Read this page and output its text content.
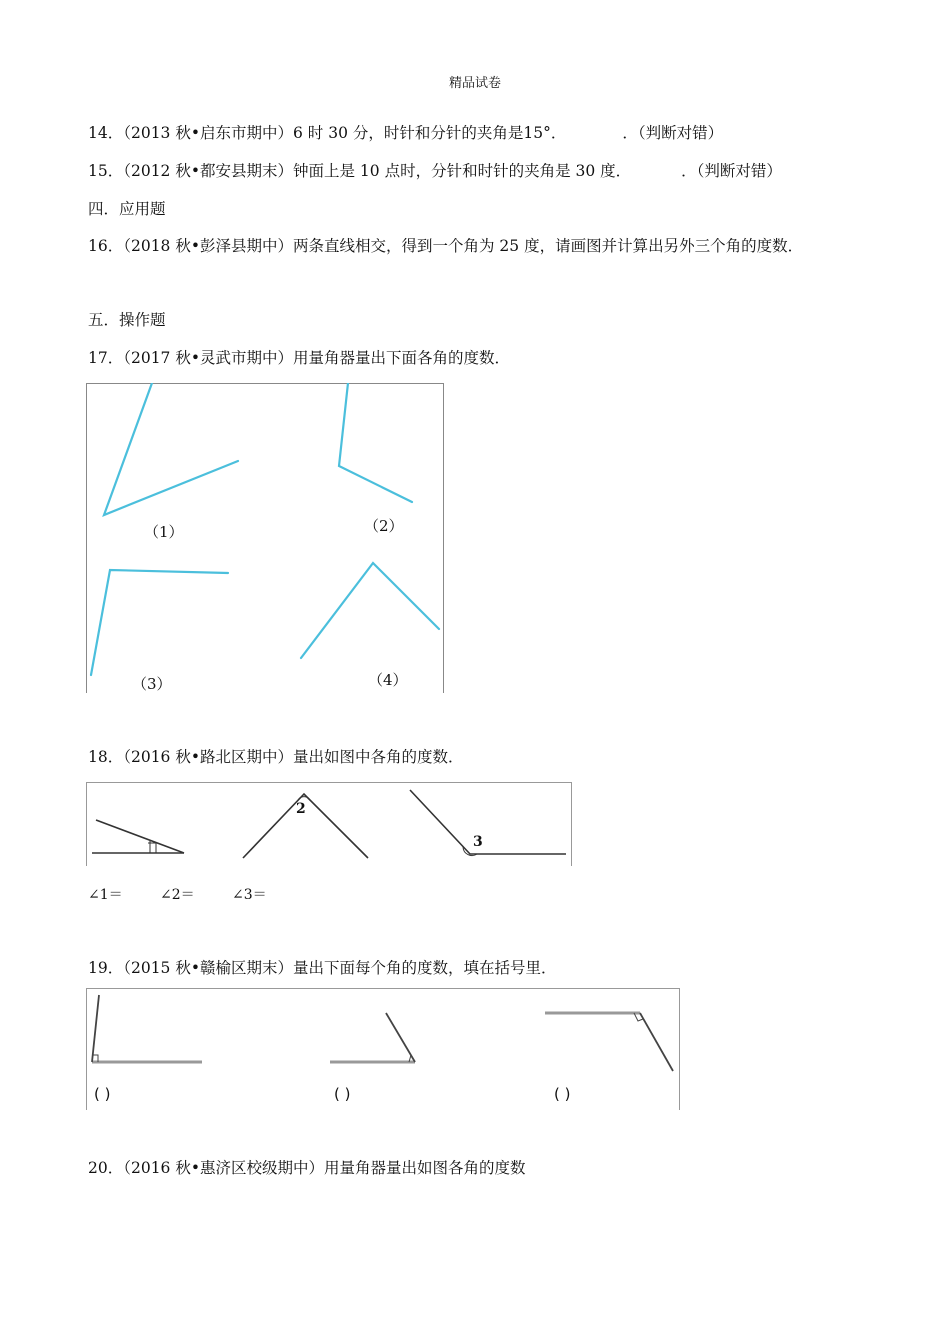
精品试卷
14．（2013 秋•启东市期中）6 时 30 分，时针和分针的夹角是15°．	．（判断对错）
15．（2012 秋•都安县期末）钟面上是 10 点时，分针和时针的夹角是 30 度．	．（判断对错）
四．应用题
16．（2018 秋•彭泽县期中）两条直线相交，得到一个角为 25 度，请画图并计算出另外三个角的度数．
五．操作题
17．（2017 秋•灵武市期中）用量角器量出下面各角的度数．
（1）	（2）
（3）	（4）
18．（2016 秋•路北区期中）量出如图中各角的度数．
2
3
∠1＝	∠2＝	∠3＝
19．（2015 秋•赣榆区期末）量出下面每个角的度数，填在括号里．
( )	( )	( )
20．（2016 秋•惠济区校级期中）用量角器量出如图各角的度数
